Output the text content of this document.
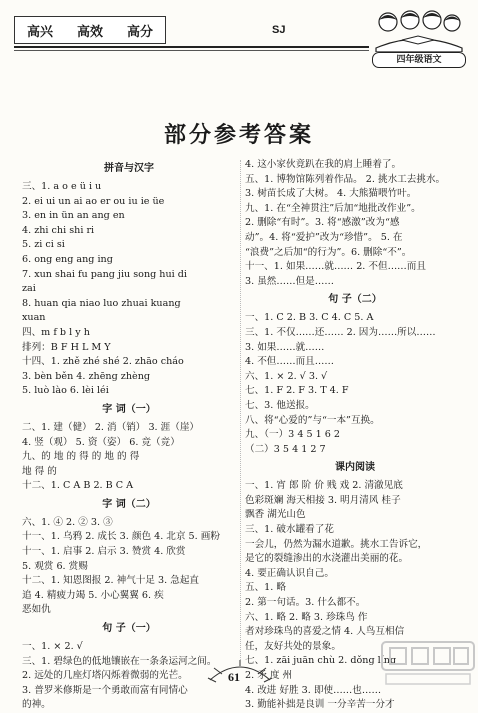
高兴 高效 高分	SJ
四年级语文
部分参考答案
拼音与汉字
三、1. a o e ü i u
2. ei ui un ai ao er ou iu ie üe
3. en in ün an ang en
4. zhi chi shi ri
5. zi ci si
6. ong eng ang ing
7. xun shai fu pang jiu song hui di
zai
8. huan qia niao luo zhuai kuang
xuan
四、m f b l y h
排列：B F H L M Y
十四、1. zhě zhé shé 2. zhāo cháo
3. bèn běn 4. zhēng zhèng
5. luò lào 6. lèi léi
字 词（一）
二、1. 建（健） 2. 消（销） 3. 涯（崖）
4. 竖（观） 5. 资（姿） 6. 竞（竞）
九、的 地 的 得 的 地 的 得
地 得 的
十二、1. C A B 2. B C A
字 词（二）
六、1. ④ 2. ② 3. ③
十一、1. 乌鸦 2. 成长 3. 颜色 4. 北京 5. 画粉
十一、1. 启事 2. 启示 3. 赞赏 4. 欣赏
5. 观赏 6. 赏赐
十二、1. 知恩图报 2. 神气十足 3. 急起直
追 4. 精疲力竭 5. 小心翼翼 6. 疾
恶如仇
句 子（一）
一、1. × 2. √
三、1. 碧绿色的低地镶嵌在一条条运河之间。
2. 远处的几座灯塔闪烁着微弱的光芒。
3. 普罗米修斯是一个勇敢而富有同情心
的神。
4. 这小家伙竟趴在我的肩上睡着了。
五、1. 博物馆陈列着作品。 2. 挑水工去挑水。
3. 树苗长成了大树。 4. 大熊猫喂竹叶。
九、1. 在“全神贯注”后加“地批改作业”。
2. 删除“有时”。3. 将“感激”改为“感
动”。4. 将“爱护”改为“珍惜”。 5. 在
“浪费”之后加“的行为”。6. 删除“不”。
十一、1. 如果……就…… 2. 不但……而且
3. 虽然……但是……
句 子（二）
一、1. C 2. B 3. C 4. C 5. A
三、1. 不仅……还…… 2. 因为……所以……
3. 如果……就……
4. 不但……而且……
六、1. × 2. √ 3. √
七、1. F 2. F 3. T 4. F
七、3. 他送报。
八、将“心爱的”与“一本”互换。
九、（一）3 4 5 1 6 2
（二）3 5 4 1 2 7
课内阅读
一、1. 宵 郎 阶 价 贱 戏 2. 清澈见底
色彩斑斓 海天相接 3. 明月清风 桂子
飘香 湖光山色
三、1. 破水罐看了花
一会儿，仍然为漏水道歉。挑水工告诉它，
是它的裂缝渗出的水浇灌出美丽的花。
4. 要正确认识自己。
五、1. 略
2. 第一句话。3. 什么都不。
六、1. 略 2. 略 3. 珍珠鸟 作
者对珍珠鸟的喜爱之情 4. 人鸟互相信
任，友好共处的景象。
七、1. zāi juān chù 2. dǒng líng
2. 矛 度 州
4. 改进 好胜 3. 即使……也……
3. 勤能补拙是良训 一分辛苦一分才
61
